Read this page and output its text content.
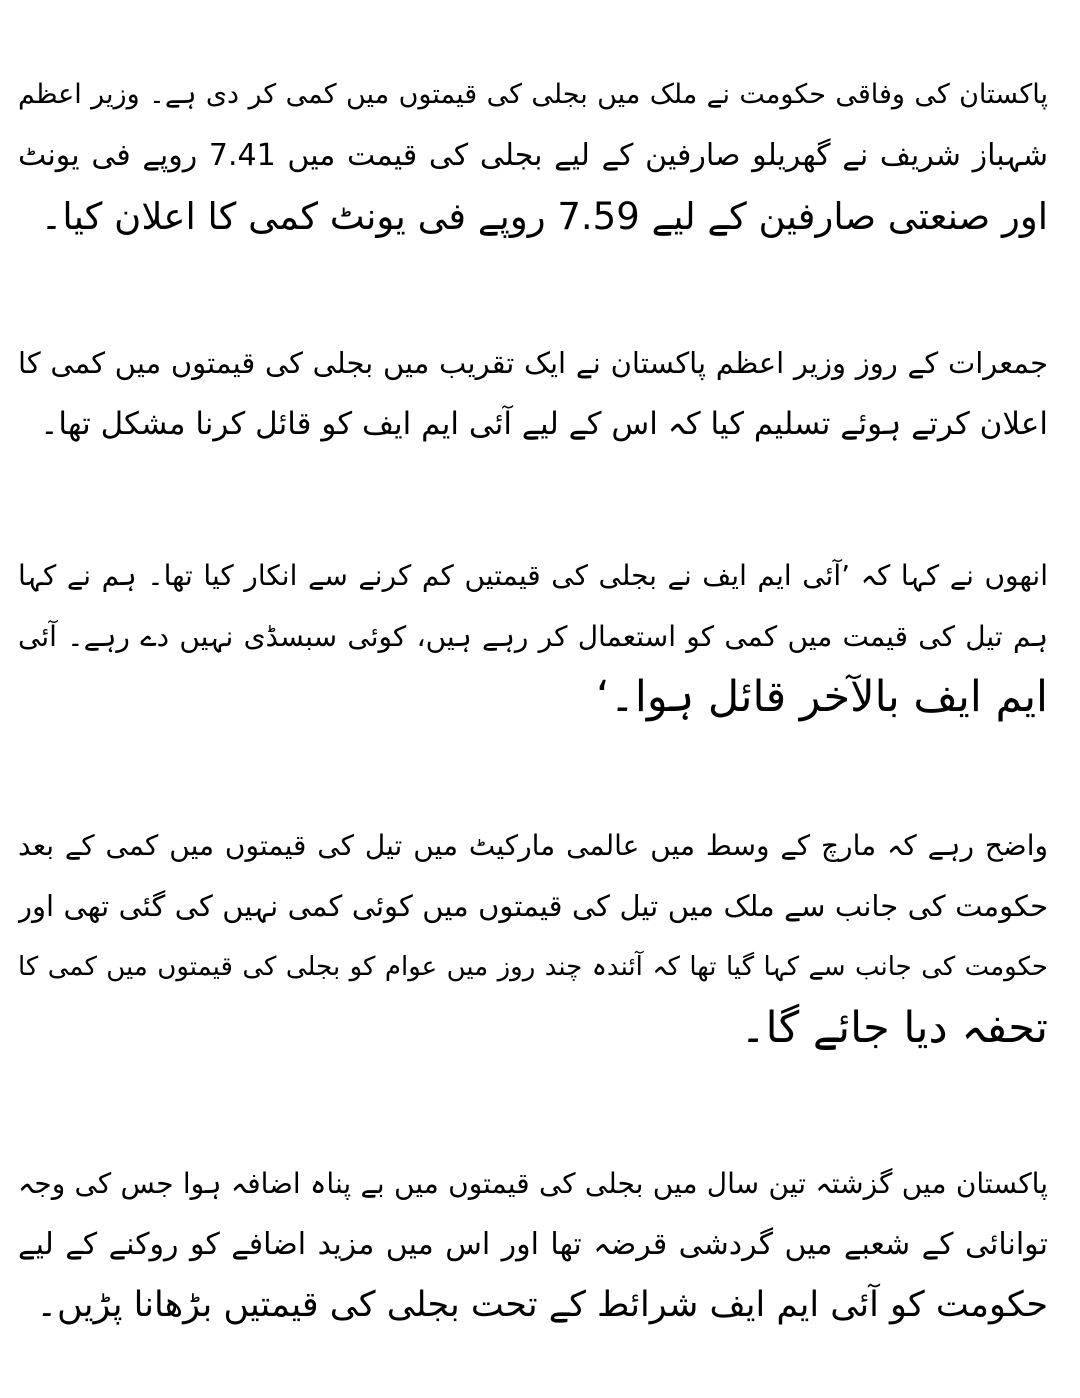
پاکستان کی وفاقی حکومت نے ملک میں بجلی کی قیمتوں میں کمی کر دی ہے۔ وزیر اعظم
شہباز شریف نے گھریلو صارفین کے لیے بجلی کی قیمت میں 7.41 روپے فی یونٹ
اور صنعتی صارفین کے لیے 7.59 روپے فی یونٹ کمی کا اعلان کیا۔
جمعرات کے روز وزیر اعظم پاکستان نے ایک تقریب میں بجلی کی قیمتوں میں کمی کا
اعلان کرتے ہوئے تسلیم کیا کہ اس کے لیے آئی ایم ایف کو قائل کرنا مشکل تھا۔
انھوں نے کہا کہ ’آئی ایم ایف نے بجلی کی قیمتیں کم کرنے سے انکار کیا تھا۔ ہم نے کہا
ہم تیل کی قیمت میں کمی کو استعمال کر رہے ہیں، کوئی سبسڈی نہیں دے رہے۔ آئی
ایم ایف بالآخر قائل ہوا۔‘
واضح رہے کہ مارچ کے وسط میں عالمی مارکیٹ میں تیل کی قیمتوں میں کمی کے بعد
حکومت کی جانب سے ملک میں تیل کی قیمتوں میں کوئی کمی نہیں کی گئی تھی اور
حکومت کی جانب سے کہا گیا تھا کہ آئندہ چند روز میں عوام کو بجلی کی قیمتوں میں کمی کا
تحفہ دیا جائے گا۔
پاکستان میں گزشتہ تین سال میں بجلی کی قیمتوں میں بے پناہ اضافہ ہوا جس کی وجہ
توانائی کے شعبے میں گردشی قرضہ تھا اور اس میں مزید اضافے کو روکنے کے لیے
حکومت کو آئی ایم ایف شرائط کے تحت بجلی کی قیمتیں بڑھانا پڑیں۔
